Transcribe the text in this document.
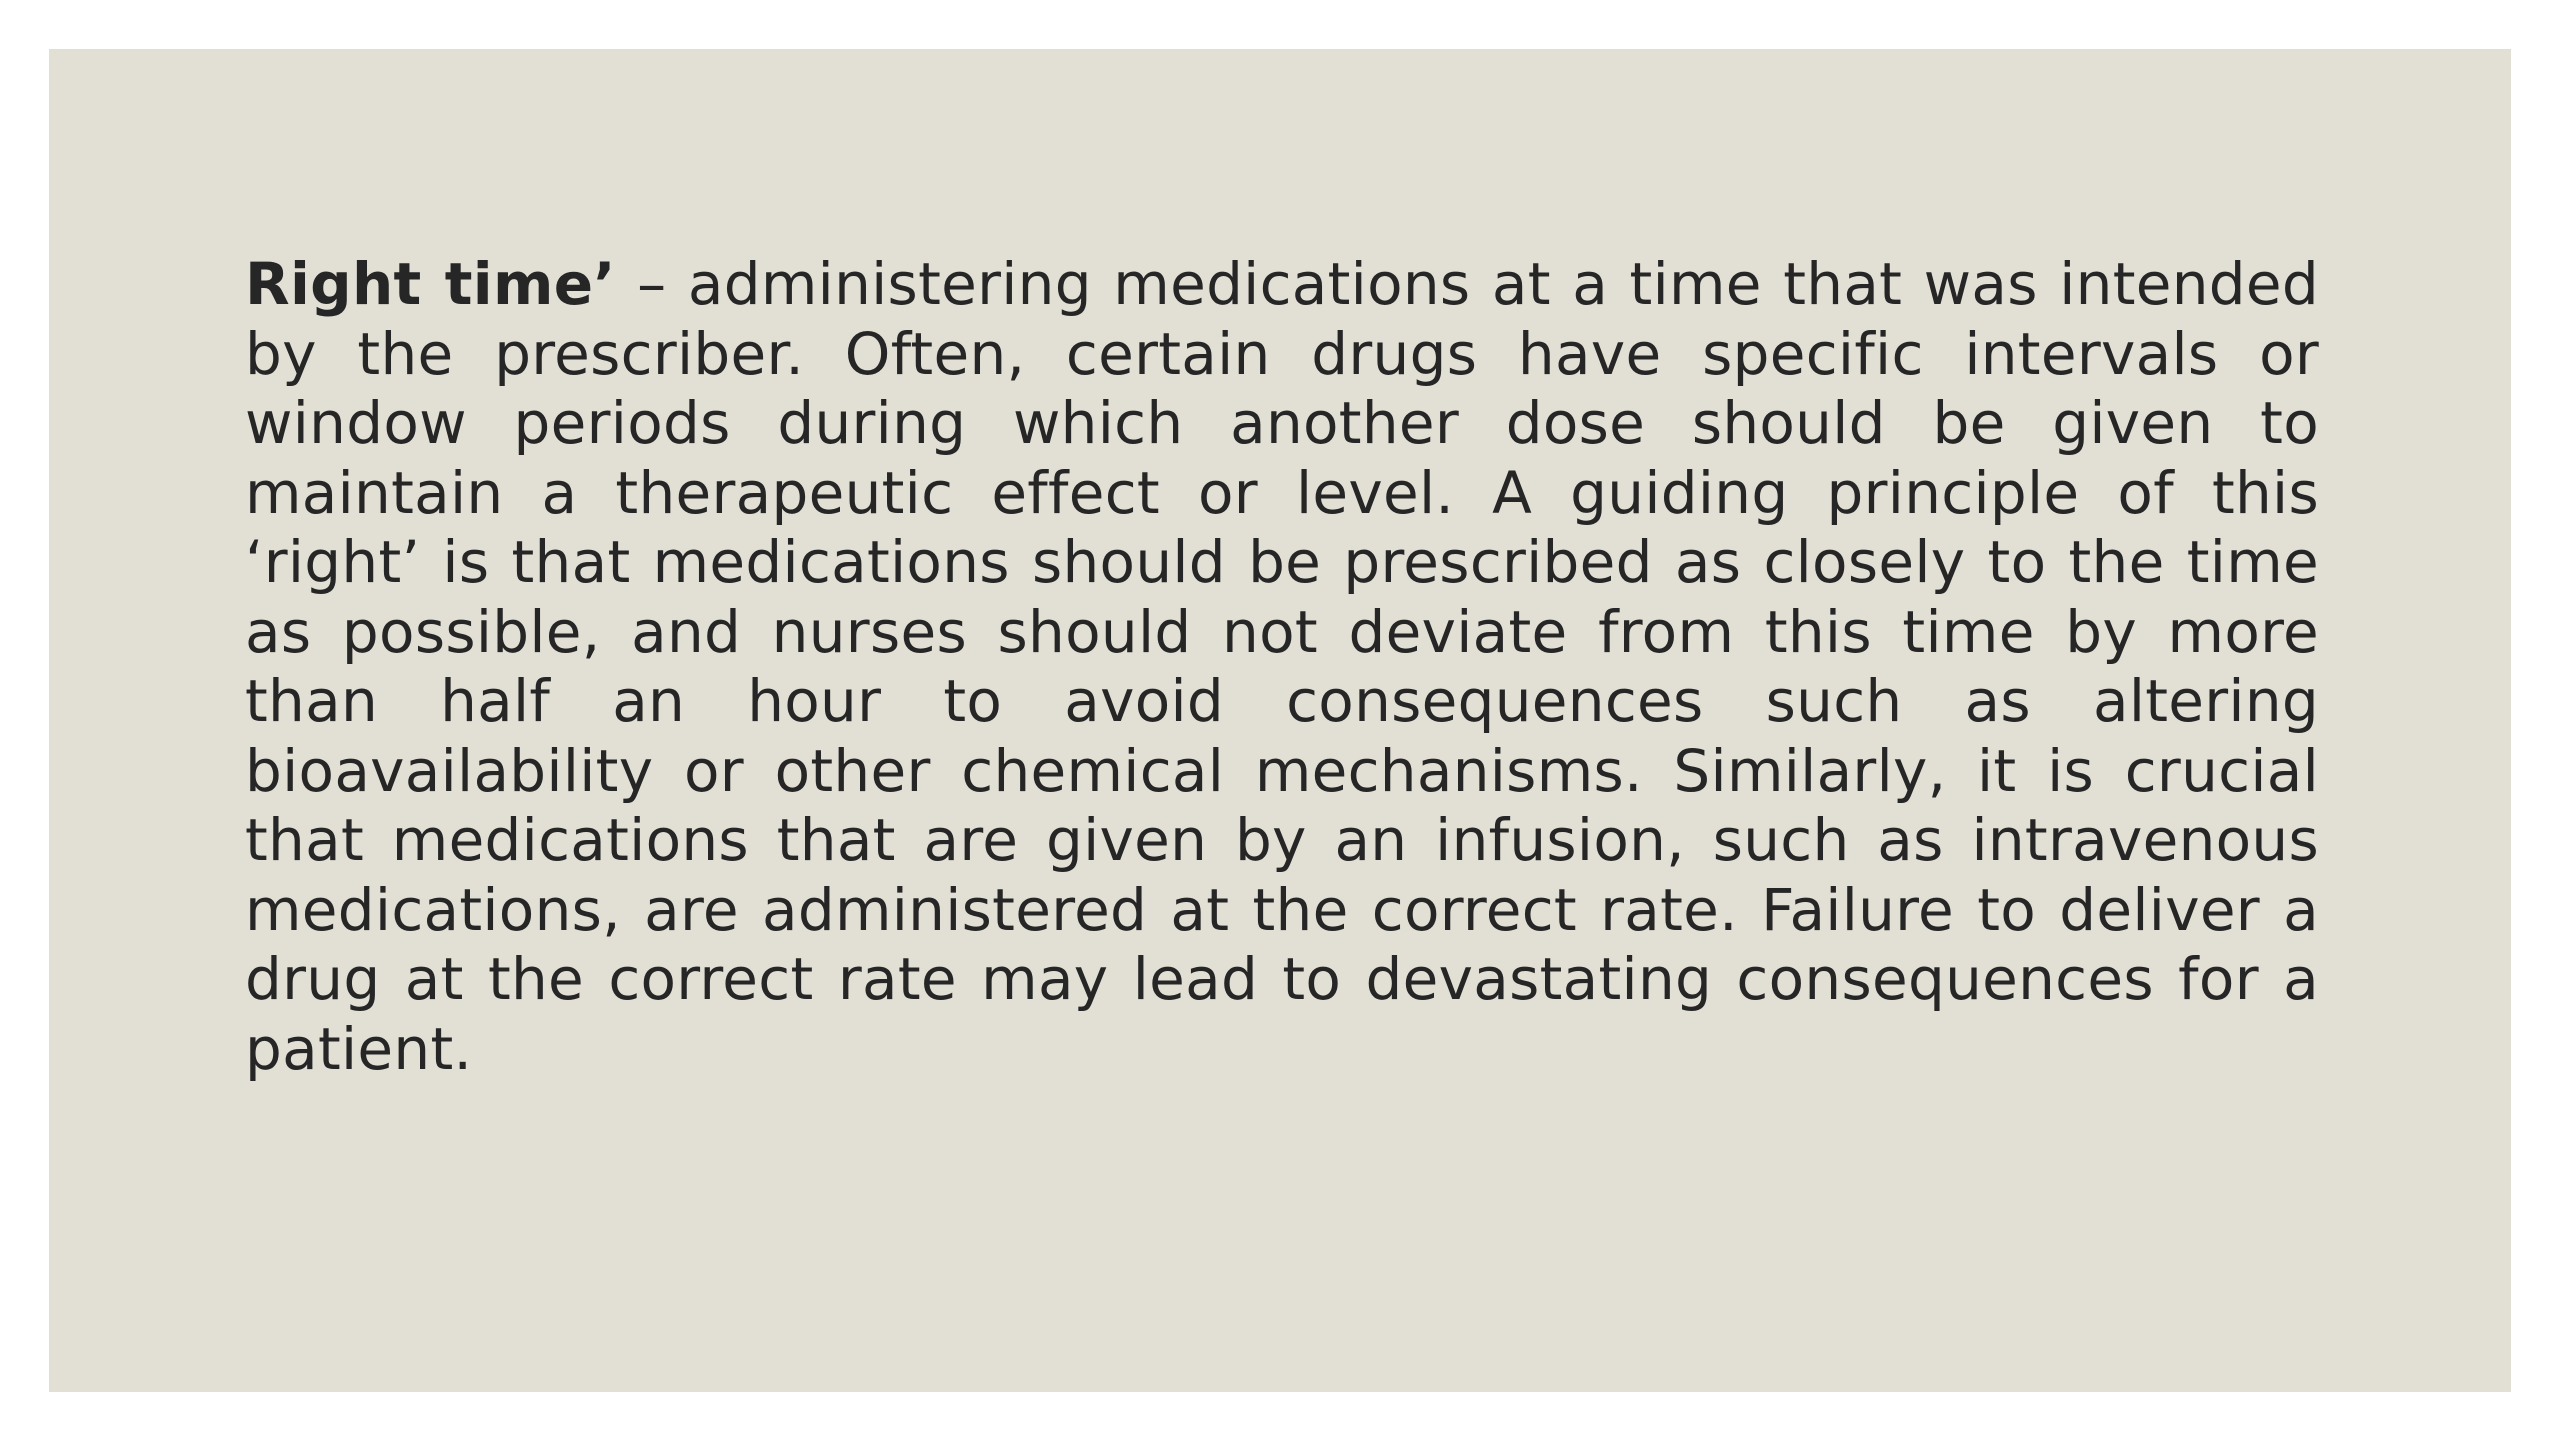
Right time’ – administering medications at a time that was intended by the prescriber. Often, certain drugs have specific intervals or window periods during which another dose should be given to maintain a therapeutic effect or level. A guiding principle of this ‘right’ is that medications should be prescribed as closely to the time as possible, and nurses should not deviate from this time by more than half an hour to avoid consequences such as altering bioavailability or other chemical mechanisms. Similarly, it is crucial that medications that are given by an infusion, such as intravenous medications, are administered at the correct rate. Failure to deliver a drug at the correct rate may lead to devastating consequences for a patient.
